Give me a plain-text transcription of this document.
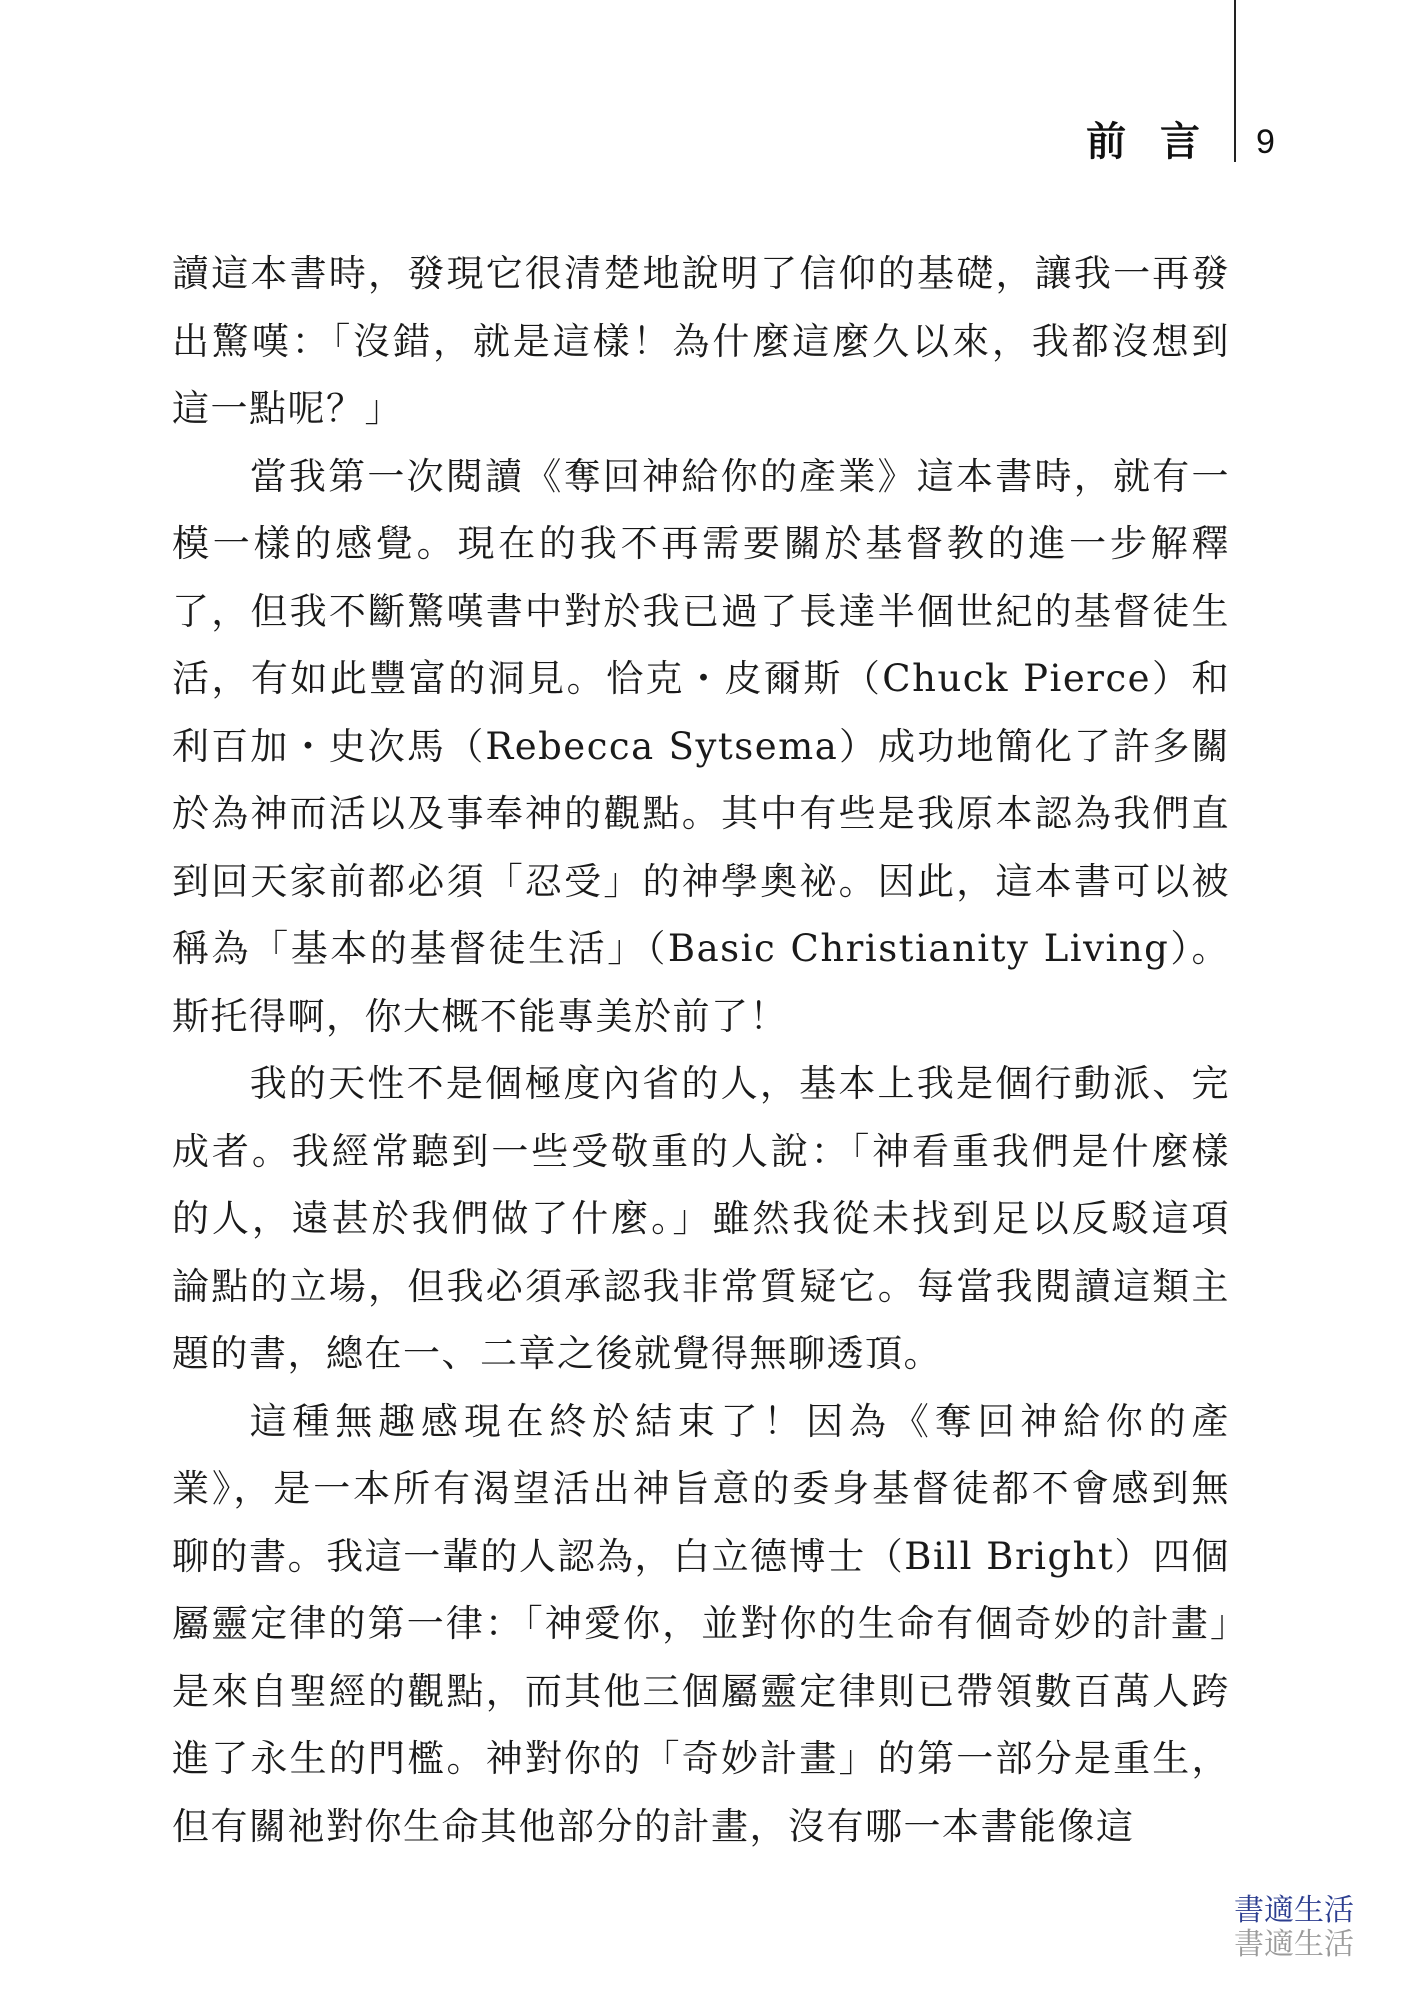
前 言 9

讀這本書時，發現它很清楚地說明了信仰的基礎，讓我一再發出驚嘆：「沒錯，就是這樣！為什麼這麼久以來，我都沒想到這一點呢？」

當我第一次閱讀《奪回神給你的產業》這本書時，就有一模一樣的感覺。現在的我不再需要關於基督教的進一步解釋了，但我不斷驚嘆書中對於我已過了長達半個世紀的基督徒生活，有如此豐富的洞見。恰克・皮爾斯（Chuck Pierce）和利百加・史次馬（Rebecca Sytsema）成功地簡化了許多關於為神而活以及事奉神的觀點。其中有些是我原本認為我們直到回天家前都必須「忍受」的神學奧祕。因此，這本書可以被稱為「基本的基督徒生活」（Basic Christianity Living）。斯托得啊，你大概不能專美於前了！

我的天性不是個極度內省的人，基本上我是個行動派、完成者。我經常聽到一些受敬重的人說：「神看重我們是什麼樣的人，遠甚於我們做了什麼。」雖然我從未找到足以反駁這項論點的立場，但我必須承認我非常質疑它。每當我閱讀這類主題的書，總在一、二章之後就覺得無聊透頂。

這種無趣感現在終於結束了！因為《奪回神給你的產業》，是一本所有渴望活出神旨意的委身基督徒都不會感到無聊的書。我這一輩的人認為，白立德博士（Bill Bright）四個屬靈定律的第一律：「神愛你，並對你的生命有個奇妙的計畫」是來自聖經的觀點，而其他三個屬靈定律則已帶領數百萬人跨進了永生的門檻。神對你的「奇妙計畫」的第一部分是重生，但有關祂對你生命其他部分的計畫，沒有哪一本書能像這

書適生活
書適生活
